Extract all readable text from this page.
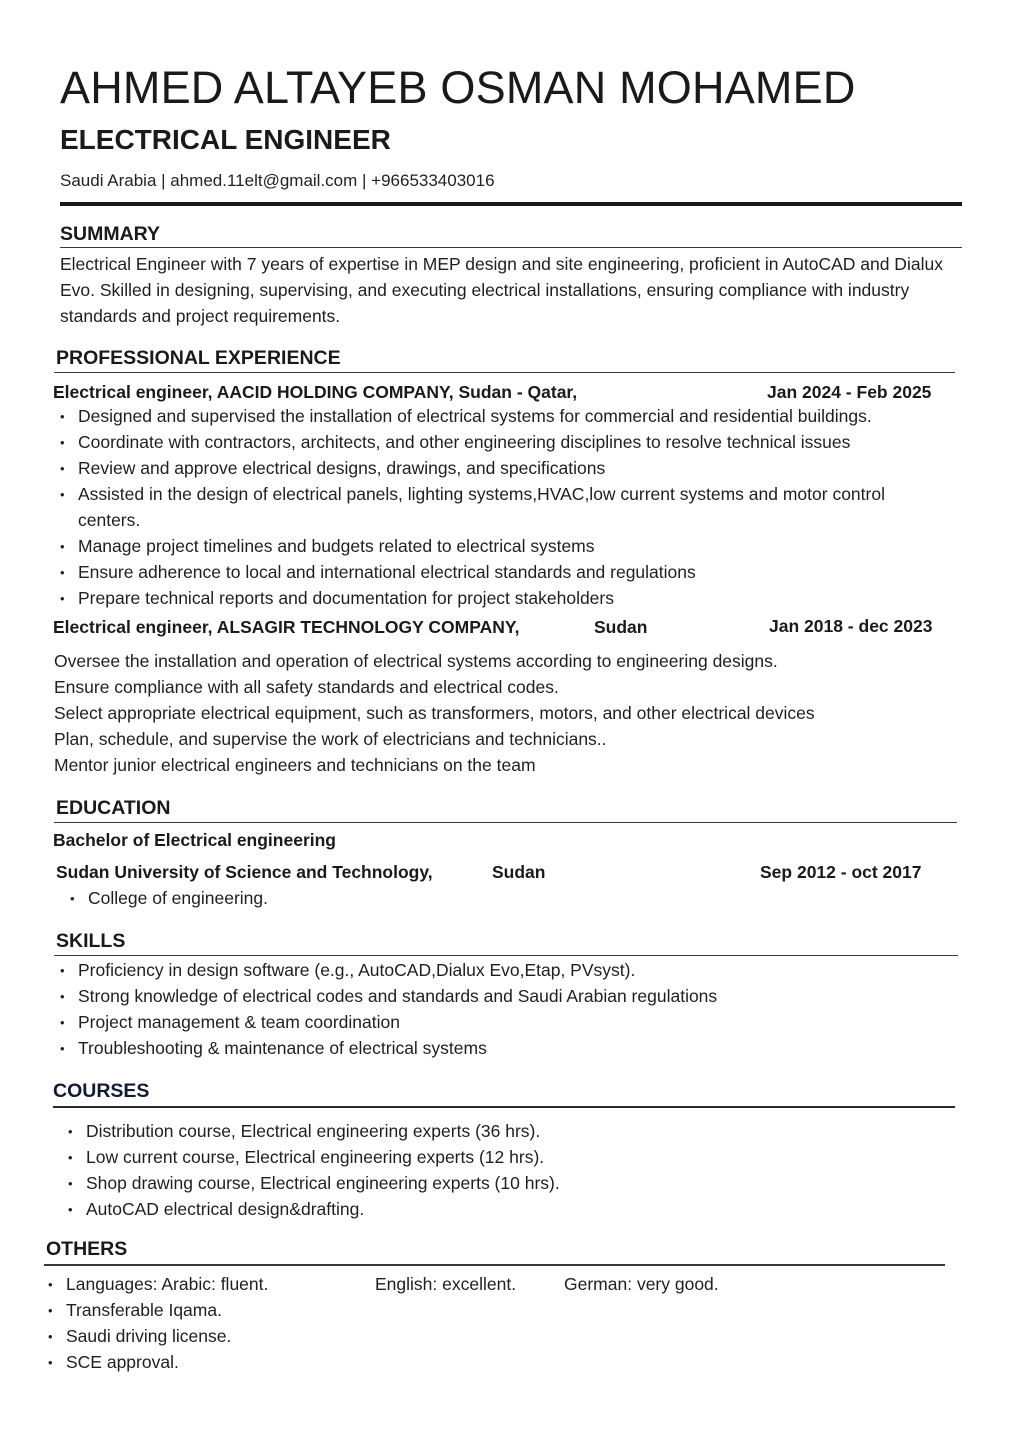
AHMED ALTAYEB OSMAN MOHAMED
ELECTRICAL ENGINEER
Saudi Arabia | ahmed.11elt@gmail.com | +966533403016
SUMMARY
Electrical Engineer with 7 years of expertise in MEP design and site engineering, proficient in AutoCAD and Dialux Evo. Skilled in designing, supervising, and executing electrical installations, ensuring compliance with industry standards and project requirements.
PROFESSIONAL EXPERIENCE
Electrical engineer, AACID HOLDING COMPANY, Sudan - Qatar,	Jan 2024 - Feb 2025
• Designed and supervised the installation of electrical systems for commercial and residential buildings.
• Coordinate with contractors, architects, and other engineering disciplines to resolve technical issues
• Review and approve electrical designs, drawings, and specifications
• Assisted in the design of electrical panels, lighting systems,HVAC,low current systems and motor control centers.
• Manage project timelines and budgets related to electrical systems
• Ensure adherence to local and international electrical standards and regulations
• Prepare technical reports and documentation for project stakeholders
Electrical engineer, ALSAGIR TECHNOLOGY COMPANY,	Sudan	Jan 2018 - dec 2023
Oversee the installation and operation of electrical systems according to engineering designs.
Ensure compliance with all safety standards and electrical codes.
Select appropriate electrical equipment, such as transformers, motors, and other electrical devices
Plan, schedule, and supervise the work of electricians and technicians..
Mentor junior electrical engineers and technicians on the team
EDUCATION
Bachelor of Electrical engineering
Sudan University of Science and Technology,	Sudan	Sep 2012 - oct 2017
• College of engineering.
SKILLS
• Proficiency in design software (e.g., AutoCAD,Dialux Evo,Etap, PVsyst).
• Strong knowledge of electrical codes and standards and Saudi Arabian regulations
• Project management & team coordination
• Troubleshooting & maintenance of electrical systems
COURSES
• Distribution course, Electrical engineering experts (36 hrs).
• Low current course, Electrical engineering experts (12 hrs).
• Shop drawing course, Electrical engineering experts (10 hrs).
• AutoCAD electrical design&drafting.
OTHERS
• Languages: Arabic: fluent.
• Transferable Iqama.
• Saudi driving license.
• SCE approval.
English: excellent.	German: very good.
